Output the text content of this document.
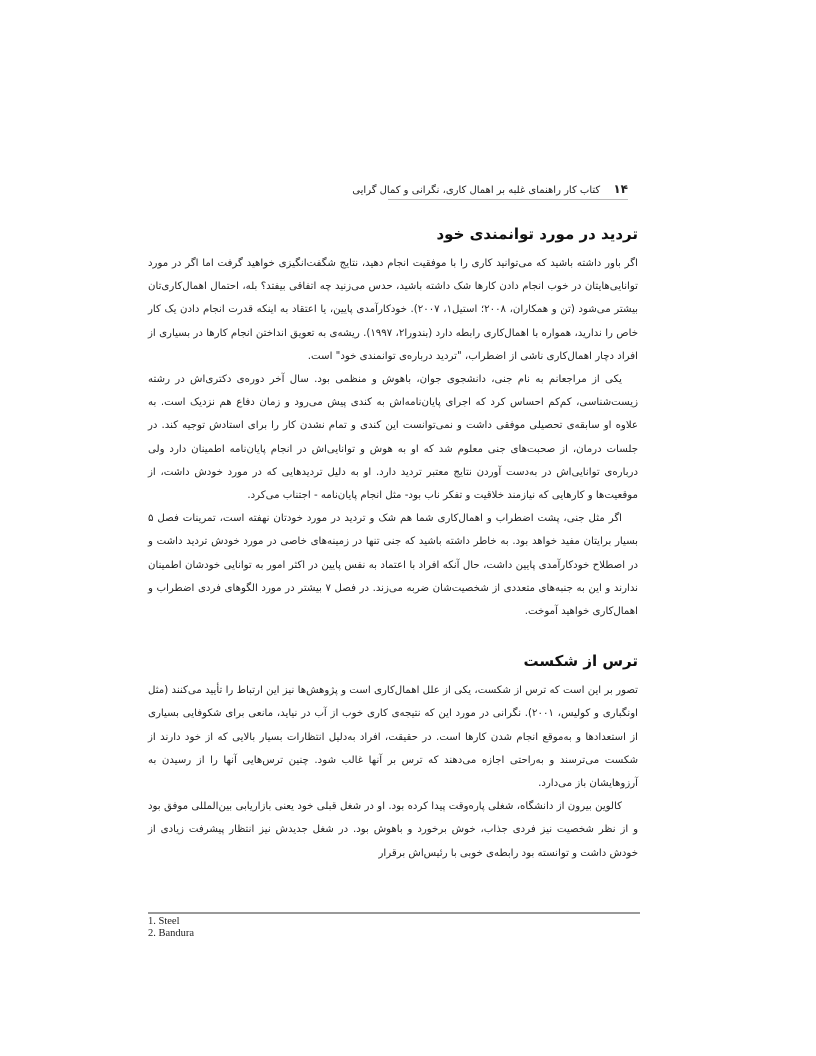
۱۴ کتاب کار راهنمای غلبه بر اهمال کاری، نگرانی و کمال گرایی
تردید در مورد توانمندی خود

اگر باور داشته باشید که می‌توانید کاری را با موفقیت انجام دهید، نتایج شگفت‌انگیزی خواهید گرفت اما اگر در مورد توانایی‌هایتان در خوب انجام دادن کارها شک داشته باشید، حدس می‌زنید چه اتفاقی بیفتد؟ بله، احتمال اهمال‌کاری‌تان بیشتر می‌شود (تن و همکاران، ۲۰۰۸؛ استیل۱، ۲۰۰۷). خودکارآمدی پایین، یا اعتقاد به اینکه قدرت انجام دادن یک کار خاص را ندارید، همواره با اهمال‌کاری رابطه دارد (بندورا۲، ۱۹۹۷). ریشه‌ی به تعویق انداختن انجام کارها در بسیاری از افراد دچار اهمال‌کاری ناشی از اضطراب، "تردید درباره‌ی توانمندی خود" است.

یکی از مراجعانم به نام جنی، دانشجوی جوان، باهوش و منظمی بود. سال آخر دوره‌ی دکتری‌اش در رشته زیست‌شناسی، کم‌کم احساس کرد که اجرای پایان‌نامه‌اش به کندی پیش می‌رود و زمان دفاع هم نزدیک است. به علاوه او سابقه‌ی تحصیلی موفقی داشت و نمی‌توانست این کندی و تمام نشدن کار را برای استادش توجیه کند. در جلسات درمان، از صحبت‌های جنی معلوم شد که او به هوش و توانایی‌اش در انجام پایان‌نامه اطمینان دارد ولی درباره‌ی توانایی‌اش در به‌دست آوردن نتایج معتبر تردید دارد. او به دلیل تردیدهایی که در مورد خودش داشت، از موقعیت‌ها و کارهایی که نیازمند خلاقیت و تفکر ناب بود- مثل انجام پایان‌نامه - اجتناب می‌کرد.

اگر مثل جنی، پشت اضطراب و اهمال‌کاری شما هم شک و تردید در مورد خودتان نهفته است، تمرینات فصل ۵ بسیار برایتان مفید خواهد بود. به خاطر داشته باشید که جنی تنها در زمینه‌های خاصی در مورد خودش تردید داشت و در اصطلاح خودکارآمدی پایین داشت، حال آنکه افراد با اعتماد به نفس پایین در اکثر امور به توانایی خودشان اطمینان ندارند و این به جنبه‌های متعددی از شخصیت‌شان ضربه می‌زند. در فصل ۷ بیشتر در مورد الگوهای فردی اضطراب و اهمال‌کاری خواهید آموخت.

ترس از شکست

تصور بر این است که ترس از شکست، یکی از علل اهمال‌کاری است و پژوهش‌ها نیز این ارتباط را تأیید می‌کنند (مثل اونگباری و کولیس، ۲۰۰۱). نگرانی در مورد این که نتیجه‌ی کاری خوب از آب در نیاید، مانعی برای شکوفایی بسیاری از استعدادها و به‌موقع انجام شدن کارها است. در حقیقت، افراد به‌دلیل انتظارات بسیار بالایی که از خود دارند از شکست می‌ترسند و به‌راحتی اجازه می‌دهند که ترس بر آنها غالب شود. چنین ترس‌هایی آنها را از رسیدن به آرزوهایشان باز می‌دارد.

کالوین بیرون از دانشگاه، شغلی پاره‌وقت پیدا کرده بود. او در شغل قبلی خود یعنی بازاریابی بین‌المللی موفق بود و از نظر شخصیت نیز فردی جذاب، خوش برخورد و باهوش بود. در شغل جدیدش نیز انتظار پیشرفت زیادی از خودش داشت و توانسته بود رابطه‌ی خوبی با رئیس‌اش برقرار

1. Steel
2. Bandura
